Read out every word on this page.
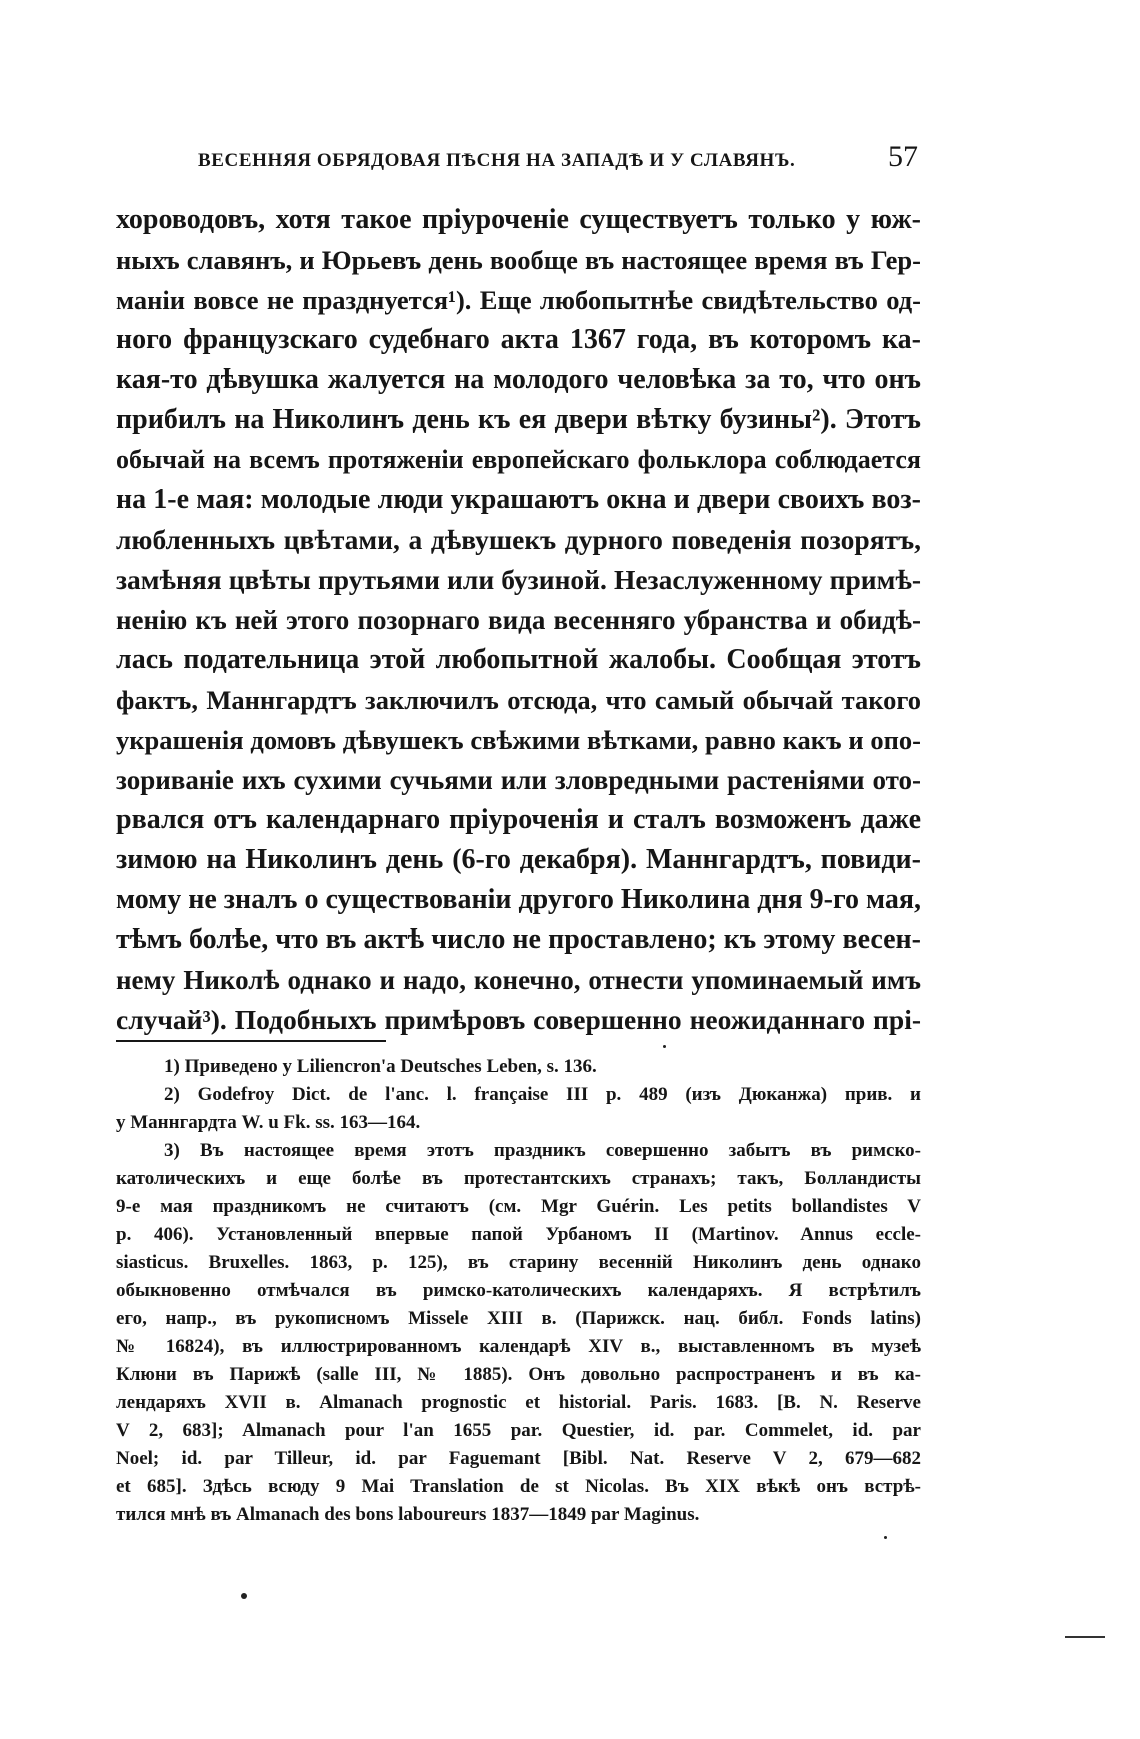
ВЕСЕННЯЯ ОБРЯДОВАЯ ПѢСНЯ НА ЗАПАДѢ И У СЛАВЯНЪ.	57
хороводовъ, хотя такое пріуроченіе существуетъ только у юж-
ныхъ славянъ, и Юрьевъ день вообще въ настоящее время въ Гер-
маніи вовсе не празднуется¹). Еще любопытнѣе свидѣтельство од-
ного французскаго судебнаго акта 1367 года, въ которомъ ка-
кая-то дѣвушка жалуется на молодого человѣка за то, что онъ
прибилъ на Николинъ день къ ея двери вѣтку бузины²). Этотъ
обычай на всемъ протяженіи европейскаго фольклора соблюдается
на 1-е мая: молодые люди украшаютъ окна и двери своихъ воз-
любленныхъ цвѣтами, а дѣвушекъ дурного поведенія позорятъ,
замѣняя цвѣты прутьями или бузиной. Незаслуженному примѣ-
ненію къ ней этого позорнаго вида весенняго убранства и обидѣ-
лась подательница этой любопытной жалобы. Сообщая этотъ
фактъ, Маннгардтъ заключилъ отсюда, что самый обычай такого
украшенія домовъ дѣвушекъ свѣжими вѣтками, равно какъ и опо-
зориваніе ихъ сухими сучьями или зловредными растеніями ото-
рвался отъ календарнаго пріуроченія и сталъ возможенъ даже
зимою на Николинъ день (6-го декабря). Маннгардтъ, повиди-
мому не зналъ о существованіи другого Николина дня 9-го мая,
тѣмъ болѣе, что въ актѣ число не проставлено; къ этому весен-
нему Николѣ однако и надо, конечно, отнести упоминаемый имъ
случай³). Подобныхъ примѣровъ совершенно неожиданнаго прі-
1) Приведено у Liliencron'a Deutsches Leben, s. 136.
2) Godefroy Dict. de l'anc. l. française III p. 489 (изъ Дюканжа) прив. и
у Маннгардта W. u Fk. ss. 163—164.
3) Въ настоящее время этотъ праздникъ совершенно забытъ въ римско-
католическихъ и еще болѣе въ протестантскихъ странахъ; такъ, Болландисты
9-е мая праздникомъ не считаютъ (см. Mgr Guérin. Les petits bollandistes V
p. 406). Установленный впервые папой Урбаномъ II (Martinov. Annus eccle-
siasticus. Bruxelles. 1863, p. 125), въ старину весенній Николинъ день однако
обыкновенно отмѣчался въ римско-католическихъ календаряхъ. Я встрѣтилъ
его, напр., въ рукописномъ Missele XIII в. (Парижск. нац. библ. Fonds latins)
№ 16824), въ иллюстрированномъ календарѣ XIV в., выставленномъ въ музеѣ
Клюни въ Парижѣ (salle III, № 1885). Онъ довольно распространенъ и въ ка-
лендаряхъ XVII в. Almanach prognostic et historial. Paris. 1683. [B. N. Reserve
V 2, 683]; Almanach pour l'an 1655 par. Questier, id. par. Commelet, id. par
Noel; id. par Tilleur, id. par Faguemant [Bibl. Nat. Reserve V 2, 679—682
et 685]. Здѣсь всюду 9 Mai Translation de st Nicolas. Въ XIX вѣкѣ онъ встрѣ-
тился мнѣ въ Almanach des bons laboureurs 1837—1849 par Maginus.
